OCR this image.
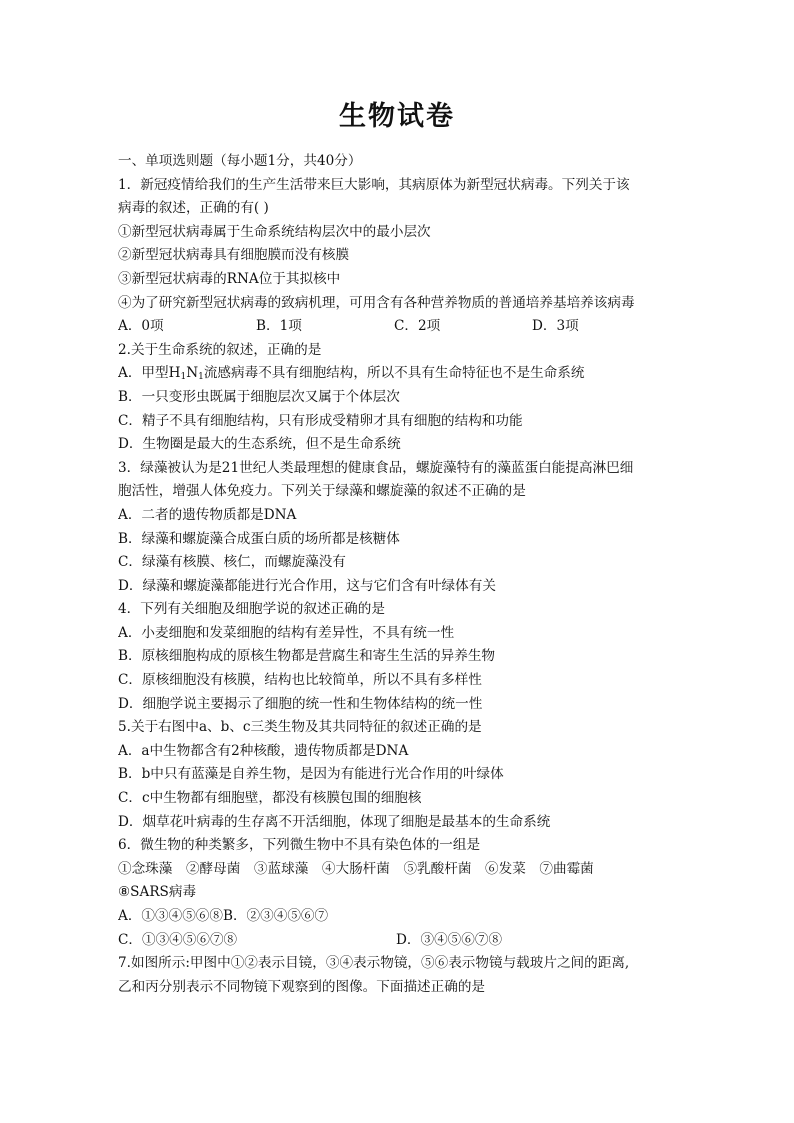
生物试卷
一、单项选则题（每小题1分，共40分）
1．新冠疫情给我们的生产生活带来巨大影响，其病原体为新型冠状病毒。下列关于该
病毒的叙述，正确的有( )
①新型冠状病毒属于生命系统结构层次中的最小层次
②新型冠状病毒具有细胞膜而没有核膜
③新型冠状病毒的RNA位于其拟核中
④为了研究新型冠状病毒的致病机理，可用含有各种营养物质的普通培养基培养该病毒
A．0项	B．1项	C．2项	D．3项
2.关于生命系统的叙述，正确的是
A．甲型$H_1N_1$流感病毒不具有细胞结构，所以不具有生命特征也不是生命系统
B．一只变形虫既属于细胞层次又属于个体层次
C．精子不具有细胞结构，只有形成受精卵才具有细胞的结构和功能
D．生物圈是最大的生态系统，但不是生命系统
3．绿藻被认为是21世纪人类最理想的健康食品，螺旋藻特有的藻蓝蛋白能提高淋巴细
胞活性，增强人体免疫力。下列关于绿藻和螺旋藻的叙述不正确的是
A．二者的遗传物质都是DNA
B．绿藻和螺旋藻合成蛋白质的场所都是核糖体
C．绿藻有核膜、核仁，而螺旋藻没有
D．绿藻和螺旋藻都能进行光合作用，这与它们含有叶绿体有关
4．下列有关细胞及细胞学说的叙述正确的是
A．小麦细胞和发菜细胞的结构有差异性，不具有统一性
B．原核细胞构成的原核生物都是营腐生和寄生生活的异养生物
C．原核细胞没有核膜，结构也比较简单，所以不具有多样性
D．细胞学说主要揭示了细胞的统一性和生物体结构的统一性
5.关于右图中a、b、c三类生物及其共同特征的叙述正确的是
A．a中生物都含有2种核酸，遗传物质都是DNA
B．b中只有蓝藻是自养生物，是因为有能进行光合作用的叶绿体
C．c中生物都有细胞壁，都没有核膜包围的细胞核
D．烟草花叶病毒的生存离不开活细胞，体现了细胞是最基本的生命系统
6．微生物的种类繁多，下列微生物中不具有染色体的一组是
①念珠藻　②酵母菌　③蓝球藻　④大肠杆菌　⑤乳酸杆菌　⑥发菜　⑦曲霉菌
⑧SARS病毒
A．①③④⑤⑥⑧B．②③④⑤⑥⑦
C．①③④⑤⑥⑦⑧	D．③④⑤⑥⑦⑧
7.如图所示:甲图中①②表示目镜，③④表示物镜，⑤⑥表示物镜与载玻片之间的距离,
乙和丙分别表示不同物镜下观察到的图像。下面描述正确的是
